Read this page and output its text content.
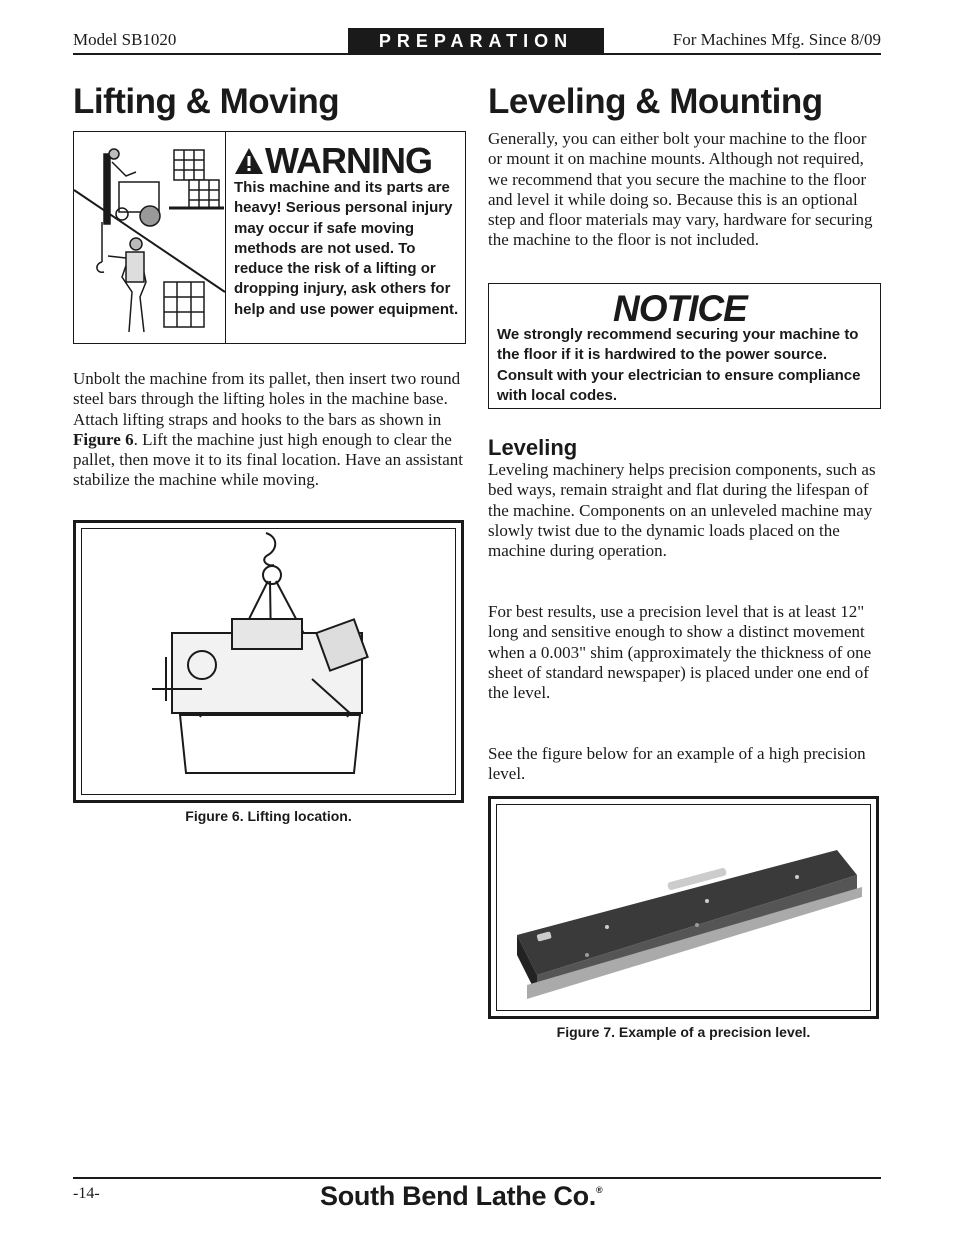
Model SB1020	PREPARATION	For Machines Mfg. Since 8/09
Lifting & Moving
WARNING
This machine and its parts are heavy! Serious personal injury may occur if safe moving methods are not used. To reduce the risk of a lifting or dropping injury, ask others for help and use power equipment.
Unbolt the machine from its pallet, then insert two round steel bars through the lifting holes in the machine base. Attach lifting straps and hooks to the bars as shown in Figure 6. Lift the machine just high enough to clear the pallet, then move it to its final location. Have an assistant stabilize the machine while moving.
Figure 6. Lifting location.
Leveling & Mounting
Generally, you can either bolt your machine to the floor or mount it on machine mounts. Although not required, we recommend that you secure the machine to the floor and level it while doing so. Because this is an optional step and floor materials may vary, hardware for securing the machine to the floor is not included.
NOTICE
We strongly recommend securing your machine to the floor if it is hardwired to the power source. Consult with your electrician to ensure compliance with local codes.
Leveling
Leveling machinery helps precision components, such as bed ways, remain straight and flat during the lifespan of the machine. Components on an unleveled machine may slowly twist due to the dynamic loads placed on the machine during operation.
For best results, use a precision level that is at least 12" long and sensitive enough to show a distinct movement when a 0.003" shim (approximately the thickness of one sheet of standard newspaper) is placed under one end of the level.
See the figure below for an example of a high precision level.
Figure 7. Example of a precision level.
-14-	South Bend Lathe Co.®
